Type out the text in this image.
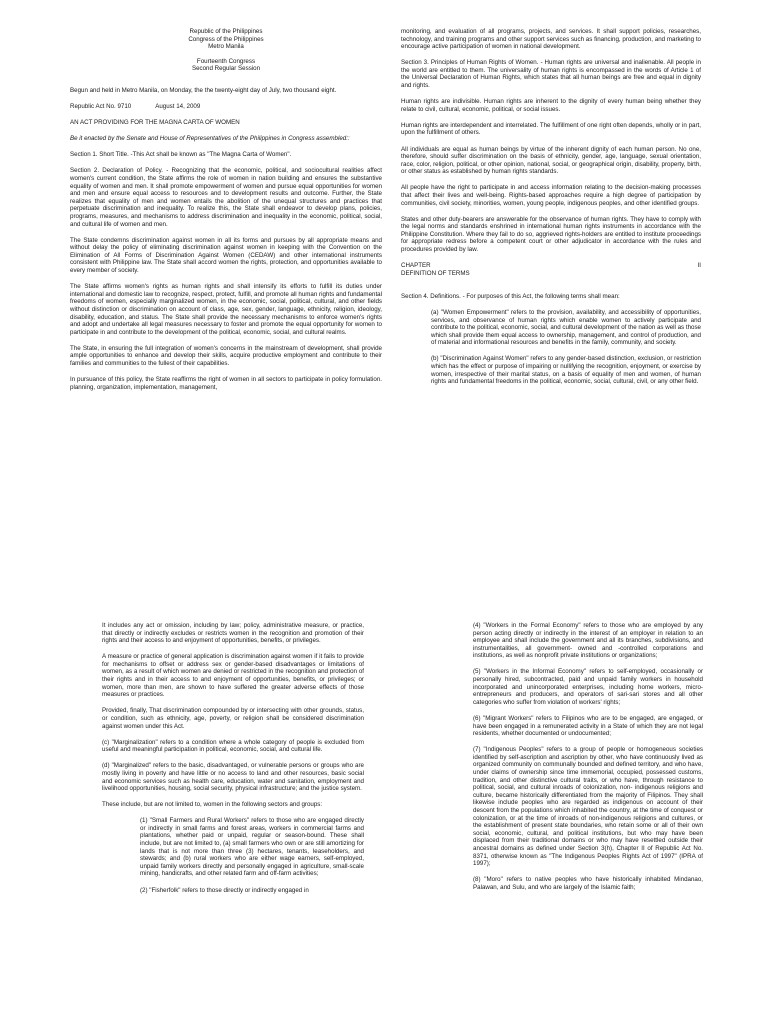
Republic of the Philippines

Congress of the Philippines

Metro Manila

Fourteenth Congress

Second Regular Session

Begun and held in Metro Manila, on Monday, the the twenty-eight day of July, two thousand eight.

Republic Act No. 9710	August 14, 2009

AN ACT PROVIDING FOR THE MAGNA CARTA OF WOMEN

Be it enacted by the Senate and House of Representatives of the Philippines in Congress assembled::

Section 1. Short Title. -This Act shall be known as "The Magna Carta of Women".

Section 2. Declaration of Policy. - Recognizing that the economic, political, and sociocultural realities affect women's current condition, the State affirms the role of women in nation building and ensures the substantive equality of women and men. It shall promote empowerment of women and pursue equal opportunities for women and men and ensure equal access to resources and to development results and outcome. Further, the State realizes that equality of men and women entails the abolition of the unequal structures and practices that perpetuate discrimination and inequality. To realize this, the State shall endeavor to develop plans, policies, programs, measures, and mechanisms to address discrimination and inequality in the economic, political, social, and cultural life of women and men.

The State condemns discrimination against women in all its forms and pursues by all appropriate means and without delay the policy of eliminating discrimination against women in keeping with the Convention on the Elimination of All Forms of Discrimination Against Women (CEDAW) and other international instruments consistent with Philippine law. The State shall accord women the rights, protection, and opportunities available to every member of society.

The State affirms women's rights as human rights and shall intensify its efforts to fulfill its duties under international and domestic law to recognize, respect, protect, fulfill, and promote all human rights and fundamental freedoms of women, especially marginalized women, in the economic, social, political, cultural, and other fields without distinction or discrimination on account of class, age, sex, gender, language, ethnicity, religion, ideology, disability, education, and status. The State shall provide the necessary mechanisms to enforce women's rights and adopt and undertake all legal measures necessary to foster and promote the equal opportunity for women to participate in and contribute to the development of the political, economic, social, and cultural realms.

The State, in ensuring the full integration of women's concerns in the mainstream of development, shall provide ample opportunities to enhance and develop their skills, acquire productive employment and contribute to their families and communities to the fullest of their capabilities.

In pursuance of this policy, the State reaffirms the right of women in all sectors to participate in policy formulation. planning, organization, implementation, management,

monitoring, and evaluation of all programs, projects, and services. It shall support policies, researches, technology, and training programs and other support services such as financing, production, and marketing to encourage active participation of women in national development.

Section 3. Principles of Human Rights of Women. - Human rights are universal and inalienable. All people in the world are entitled to them. The universality of human rights is encompassed in the words of Article 1 of the Universal Declaration of Human Rights, which states that all human beings are free and equal in dignity and rights.

Human rights are indivisible. Human rights are inherent to the dignity of every human being whether they relate to civil, cultural, economic, political, or social issues.

Human rights are interdependent and interrelated. The fulfillment of one right often depends, wholly or in part, upon the fulfillment of others.

All individuals are equal as human beings by virtue of the inherent dignity of each human person. No one, therefore, should suffer discrimination on the basis of ethnicity, gender, age, language, sexual orientation, race, color, religion, political, or other opinion, national, social, or geographical origin, disability, property, birth, or other status as established by human rights standards.

All people have the right to participate in and access information relating to the decision-making processes that affect their lives and well-being. Rights-based approaches require a high degree of participation by communities, civil society, minorities, women, young people, indigenous peoples, and other identified groups.

States and other duty-bearers are answerable for the observance of human rights. They have to comply with the legal norms and standards enshrined in international human rights instruments in accordance with the Philippine Constitution. Where they fail to do so, aggrieved rights-holders are entitled to institute proceedings for appropriate redress before a competent court or other adjudicator in accordance with the rules and procedures provided by law.

CHAPTER	II

DEFINITION OF TERMS

Section 4. Definitions. - For purposes of this Act, the following terms shall mean:

(a) "Women Empowerment" refers to the provision, availability, and accessibility of opportunities, services, and observance of human rights which enable women to actively participate and contribute to the political, economic, social, and cultural development of the nation as well as those which shall provide them equal access to ownership, management, and control of production, and of material and informational resources and benefits in the family, community, and society.

(b) "Discrimination Against Women" refers to any gender-based distinction, exclusion, or restriction which has the effect or purpose of impairing or nullifying the recognition, enjoyment, or exercise by women, irrespective of their marital status, on a basis of equality of men and women, of human rights and fundamental freedoms in the political, economic, social, cultural, civil, or any other field.

It includes any act or omission, including by law; policy, administrative measure, or practice, that directly or indirectly excludes or restricts women in the recognition and promotion of their rights and their access to and enjoyment of opportunities, benefits, or privileges.

A measure or practice of general application is discrimination against women if it fails to provide for mechanisms to offset or address sex or gender-based disadvantages or limitations of women, as a result of which women are denied or restricted in the recognition and protection of their rights and in their access to and enjoyment of opportunities, benefits, or privileges; or women, more than men, are shown to have suffered the greater adverse effects of those measures or practices.

Provided, finally, That discrimination compounded by or intersecting with other grounds, status, or condition, such as ethnicity, age, poverty, or religion shall be considered discrimination against women under this Act.

(c) "Marginalization" refers to a condition where a whole category of people is excluded from useful and meaningful participation in political, economic, social, and cultural life.

(d) "Marginalized" refers to the basic, disadvantaged, or vulnerable persons or groups who are mostly living in poverty and have little or no access to land and other resources, basic social and economic services such as health care, education, water and sanitation, employment and livelihood opportunities, housing, social security, physical infrastructure; and the justice system.

These include, but are not limited to, women in the following sectors and groups:

(1) "Small Farmers and Rural Workers" refers to those who are engaged directly or indirectly in small farms and forest areas, workers in commercial farms and plantations, whether paid or unpaid, regular or season-bound. These shall include, but are not limited to, (a) small farmers who own or are still amortizing for lands that is not more than three (3) hectares, tenants, leaseholders, and stewards; and (b) rural workers who are either wage earners, self-employed, unpaid family workers directly and personally engaged in agriculture, small-scale mining, handicrafts, and other related farm and off-farm activities;

(2) "Fisherfolk" refers to those directly or indirectly engaged in

(4) "Workers in the Formal Economy" refers to those who are employed by any person acting directly or indirectly in the interest of an employer in relation to an employee and shall include the government and all its branches, subdivisions, and instrumentalities, all government- owned and -controlled corporations and institutions, as well as nonprofit private institutions or organizations;

(5) "Workers in the Informal Economy" refers to self-employed, occasionally or personally hired, subcontracted, paid and unpaid family workers in household incorporated and unincorporated enterprises, including home workers, micro-entrepreneurs and producers, and operators of sari-sari stores and all other categories who suffer from violation of workers' rights;

(6) "Migrant Workers" refers to Filipinos who are to be engaged, are engaged, or have been engaged in a remunerated activity in a State of which they are not legal residents, whether documented or undocumented;

(7) "Indigenous Peoples" refers to a group of people or homogeneous societies identified by self-ascription and ascription by other, who have continuously lived as organized community on communally bounded and defined territory, and who have, under claims of ownership since time immemorial, occupied, possessed customs, tradition, and other distinctive cultural traits, or who have, through resistance to political, social, and cultural inroads of colonization, non- indigenous religions and culture, became historically differentiated from the majority of Filipinos. They shall likewise include peoples who are regarded as indigenous on account of their descent from the populations which inhabited the country, at the time of conquest or colonization, or at the time of inroads of non-indigenous religions and cultures, or the establishment of present state boundaries, who retain some or all of their own social, economic, cultural, and political institutions, but who may have been displaced from their traditional domains or who may have resettled outside their ancestral domains as defined under Section 3(h), Chapter II of Republic Act No. 8371, otherwise known as "The Indigenous Peoples Rights Act of 1997" (IPRA of 1997);

(8) "Moro" refers to native peoples who have historically inhabited Mindanao, Palawan, and Sulu, and who are largely of the Islamic faith;
